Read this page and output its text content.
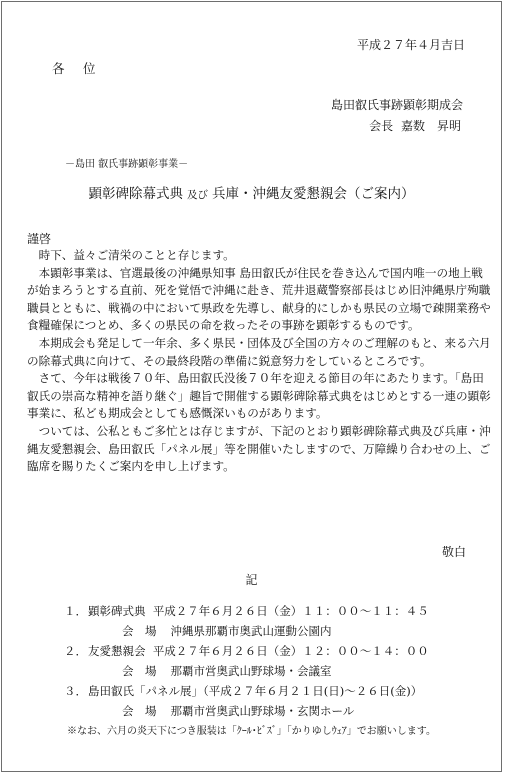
平成２７年４月吉日
各　位
島田叡氏事跡顕彰期成会
会長 嘉数　昇明
－島田 叡氏事跡顕彰事業－
顕彰碑除幕式典 及び 兵庫・沖縄友愛懇親会（ご案内）
謹啓

時下、益々ご清栄のことと存じます。

本顕彰事業は、官選最後の沖縄県知事 島田叡氏が住民を巻き込んで国内唯一の地上戦が始まろうとする直前、死を覚悟で沖縄に赴き、荒井退蔵警察部長はじめ旧沖縄県庁殉職職員とともに、戦禍の中において県政を先導し、献身的にしかも県民の立場で疎開業務や食糧確保につとめ、多くの県民の命を救ったその事跡を顕彰するものです。

本期成会も発足して一年余、多く県民・団体及び全国の方々のご理解のもと、来る六月の除幕式典に向けて、その最終段階の準備に鋭意努力をしているところです。

さて、今年は戦後７０年、島田叡氏没後７０年を迎える節目の年にあたります。「島田叡氏の崇高な精神を語り継ぐ」趣旨で開催する顕彰碑除幕式典をはじめとする一連の顕彰事業に、私ども期成会としても感慨深いものがあります。

ついては、公私ともご多忙とは存じますが、下記のとおり顕彰碑除幕式典及び兵庫・沖縄友愛懇親会、島田叡氏「パネル展」等を開催いたしますので、万障繰り合わせの上、ご臨席を賜りたくご案内を申し上げます。

敬白
記
１．顕彰碑式典 平成２７年６月２６日（金）１１：００～１１：４５
会　場 沖縄県那覇市奥武山運動公園内
２．友愛懇親会 平成２７年６月２６日（金）１２：００～１４：００
会　場 那覇市営奥武山野球場・会議室
３．島田叡氏「パネル展」（平成２７年６月２１日(日)～２６日(金)）
会　場 那覇市営奥武山野球場・玄関ホール
※なお、六月の炎天下につき服装は「ｸｰﾙ･ﾋﾞｽﾞ」「かりゆしｳｪｱ」でお願いします。
